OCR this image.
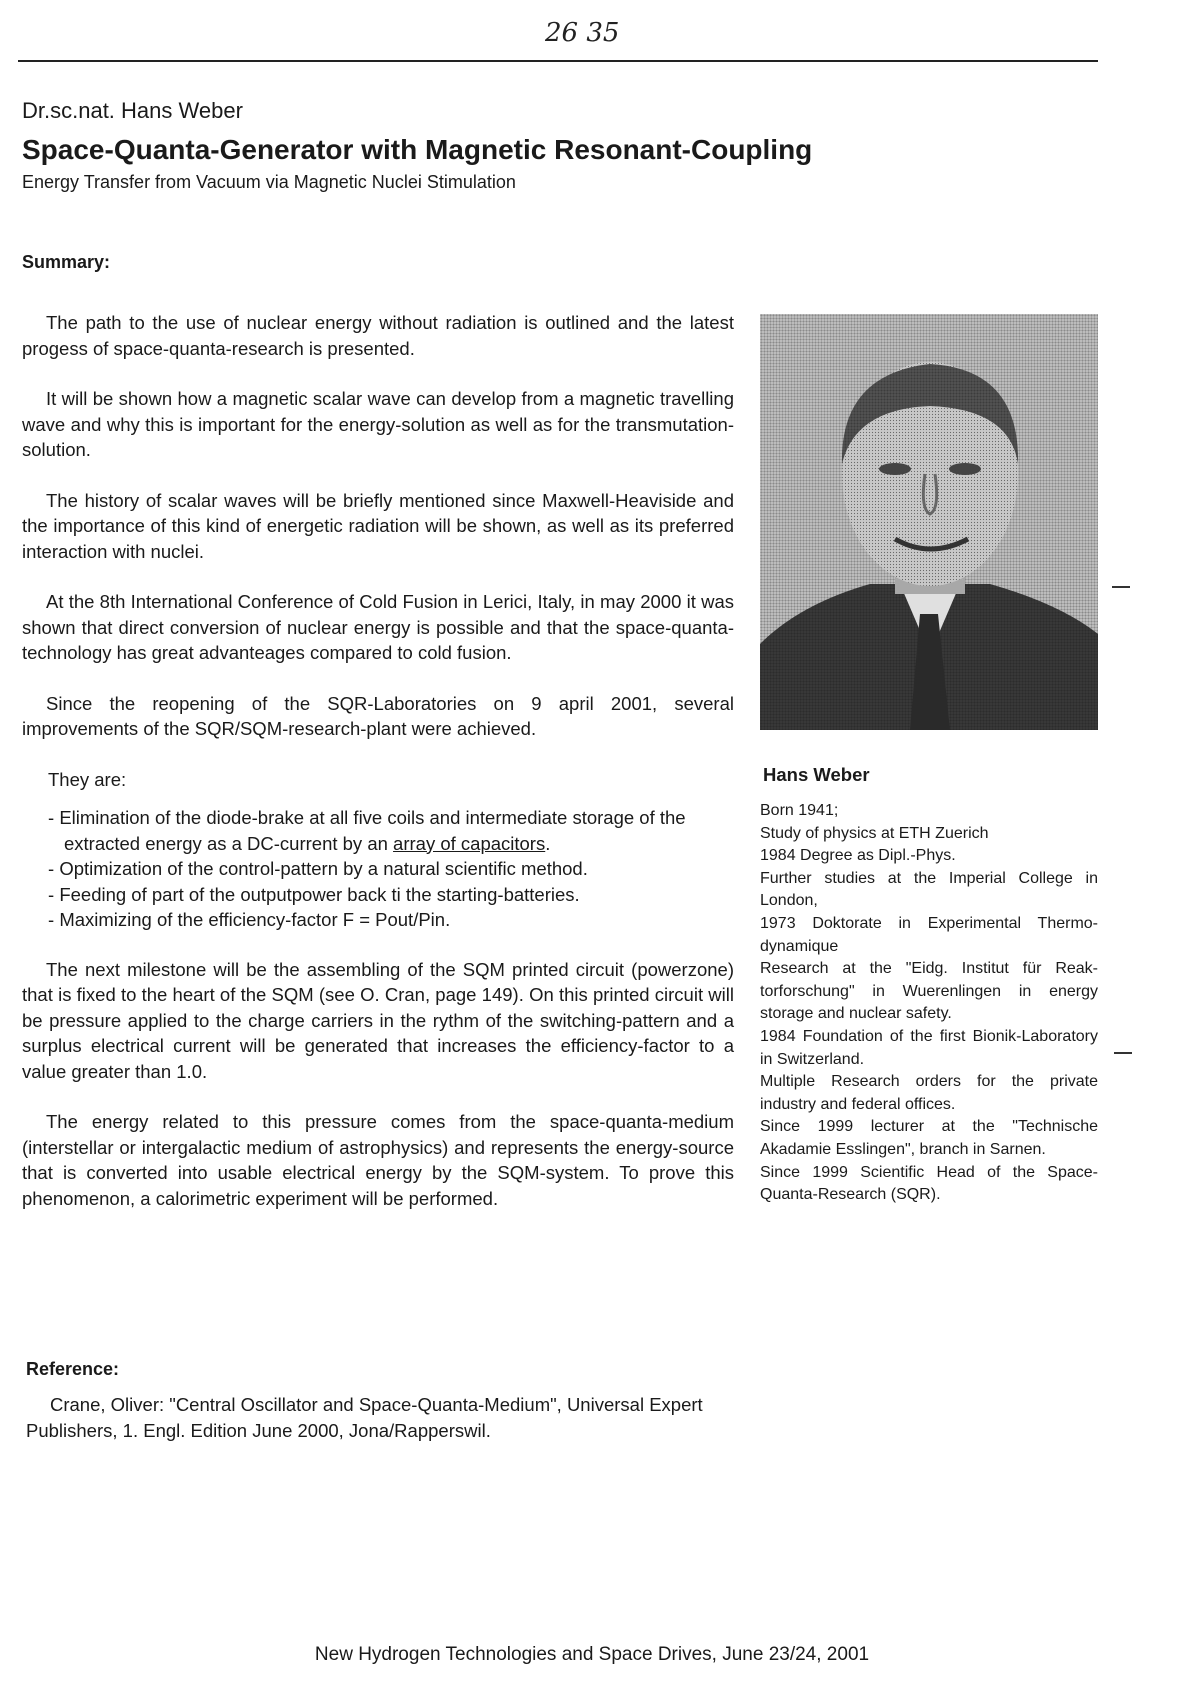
26 35
Dr.sc.nat. Hans Weber
Space-Quanta-Generator with Magnetic Resonant-Coupling
Energy Transfer from Vacuum via Magnetic Nuclei Stimulation
Summary:

The path to the use of nuclear energy without radiation is outlined and the latest progess of space-quanta-research is presented.

It will be shown how a magnetic scalar wave can develop from a magnetic travelling wave and why this is important for the energy-solution as well as for the transmutation-solution.

The history of scalar waves will be briefly mentioned since Maxwell-Heaviside and the importance of this kind of energetic radiation will be shown, as well as its preferred interaction with nuclei.

At the 8th International Conference of Cold Fusion in Lerici, Italy, in may 2000 it was shown that direct conversion of nuclear energy is possible and that the space-quanta-technology has great advanteages compared to cold fusion.

Since the reopening of the SQR-Laboratories on 9 april 2001, several improvements of the SQR/SQM-research-plant were achieved.

They are:

- Elimination of the diode-brake at all five coils and intermediate storage of the extracted energy as a DC-current by an array of capacitors.
- Optimization of the control-pattern by a natural scientific method.
- Feeding of part of the outputpower back ti the starting-batteries.
- Maximizing of the efficiency-factor F = Pout/Pin.

The next milestone will be the assembling of the SQM printed circuit (powerzone) that is fixed to the heart of the SQM (see O. Cran, page 149). On this printed circuit will be pressure applied to the charge carriers in the rythm of the switching-pattern and a surplus electrical current will be generated that increases the efficiency-factor to a value greater than 1.0.

The energy related to this pressure comes from the space-quanta-medium (interstellar or intergalactic medium of astrophysics) and represents the energy-source that is converted into usable electrical energy by the SQM-system. To prove this phenomenon, a calorimetric experiment will be performed.

Reference:

Crane, Oliver: "Central Oscillator and Space-Quanta-Medium", Universal Expert Publishers, 1. Engl. Edition June 2000, Jona/Rapperswil.

Hans Weber
Born 1941;
Study of physics at ETH Zuerich
1984 Degree as Dipl.-Phys.
Further studies at the Imperial College in London,
1973 Doktorate in Experimental Thermo-dynamique
Research at the "Eidg. Institut für Reak-torforschung" in Wuerenlingen in energy storage and nuclear safety.
1984 Foundation of the first Bionik-Laboratory in Switzerland.
Multiple Research orders for the private industry and federal offices.
Since 1999 lecturer at the "Technische Akadamie Esslingen", branch in Sarnen.
Since 1999 Scientific Head of the Space-Quanta-Research (SQR).
New Hydrogen Technologies and Space Drives, June 23/24, 2001
